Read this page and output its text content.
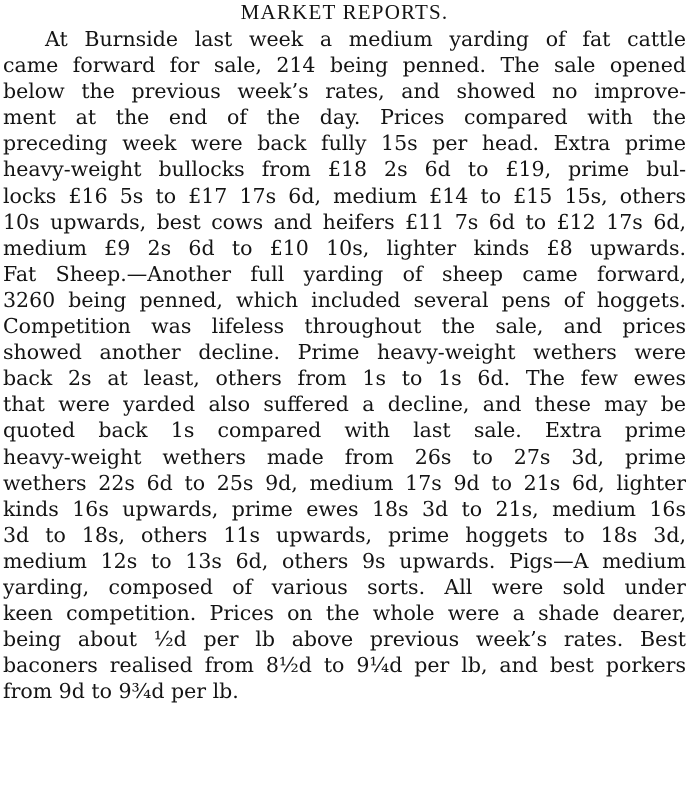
MARKET REPORTS.
At Burnside last week a medium yarding of fat cattle
came forward for sale, 214 being penned. The sale opened
below the previous week’s rates, and showed no improve-
ment at the end of the day. Prices compared with the
preceding week were back fully 15s per head. Extra prime
heavy-weight bullocks from £18 2s 6d to £19, prime bul-
locks £16 5s to £17 17s 6d, medium £14 to £15 15s, others
10s upwards, best cows and heifers £11 7s 6d to £12 17s 6d,
medium £9 2s 6d to £10 10s, lighter kinds £8 upwards.
Fat Sheep.—Another full yarding of sheep came forward,
3260 being penned, which included several pens of hoggets.
Competition was lifeless throughout the sale, and prices
showed another decline. Prime heavy-weight wethers were
back 2s at least, others from 1s to 1s 6d. The few ewes
that were yarded also suffered a decline, and these may be
quoted back 1s compared with last sale. Extra prime
heavy-weight wethers made from 26s to 27s 3d, prime
wethers 22s 6d to 25s 9d, medium 17s 9d to 21s 6d, lighter
kinds 16s upwards, prime ewes 18s 3d to 21s, medium 16s
3d to 18s, others 11s upwards, prime hoggets to 18s 3d,
medium 12s to 13s 6d, others 9s upwards. Pigs—A medium
yarding, composed of various sorts. All were sold under
keen competition. Prices on the whole were a shade dearer,
being about ½d per lb above previous week’s rates. Best
baconers realised from 8½d to 9¼d per lb, and best porkers
from 9d to 9¾d per lb.
